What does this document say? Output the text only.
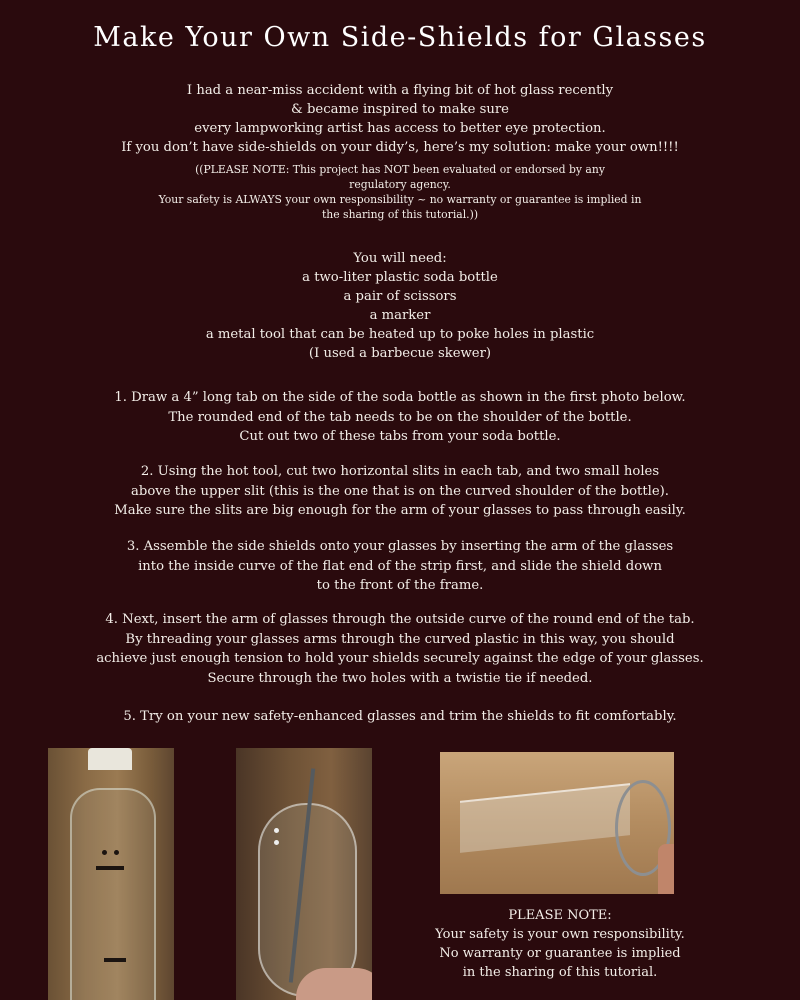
Make Your Own Side-Shields for Glasses
I had a near-miss accident with a flying bit of hot glass recently
& became inspired to make sure
every lampworking artist has access to better eye protection.
If you don’t have side-shields on your didy’s, here’s my solution: make your own!!!!
((PLEASE NOTE: This project has NOT been evaluated or endorsed by any
regulatory agency.
Your safety is ALWAYS your own responsibility ~ no warranty or guarantee is implied in
the sharing of this tutorial.))
You will need:
a two-liter plastic soda bottle
a pair of scissors
a marker
a metal tool that can be heated up to poke holes in plastic
(I used a barbecue skewer)
1. Draw a 4” long tab on the side of the soda bottle as shown in the first photo below.
The rounded end of the tab needs to be on the shoulder of the bottle.
Cut out two of these tabs from your soda bottle.
2. Using the hot tool, cut two horizontal slits in each tab, and two small holes
above the upper slit (this is the one that is on the curved shoulder of the bottle).
Make sure the slits are big enough for the arm of your glasses to pass through easily.
3. Assemble the side shields onto your glasses by inserting the arm of the glasses
into the inside curve of the flat end of the strip first, and slide the shield down
to the front of the frame.
4. Next, insert the arm of glasses through the outside curve of the round end of the tab.
By threading your glasses arms through the curved plastic in this way, you should
achieve just enough tension to hold your shields securely against the edge of your glasses.
Secure through the two holes with a twistie tie if needed.
5. Try on your new safety-enhanced glasses and trim the shields to fit comfortably.
PLEASE NOTE:
Your safety is your own responsibility.
No warranty or guarantee is implied
in the sharing of this tutorial.
